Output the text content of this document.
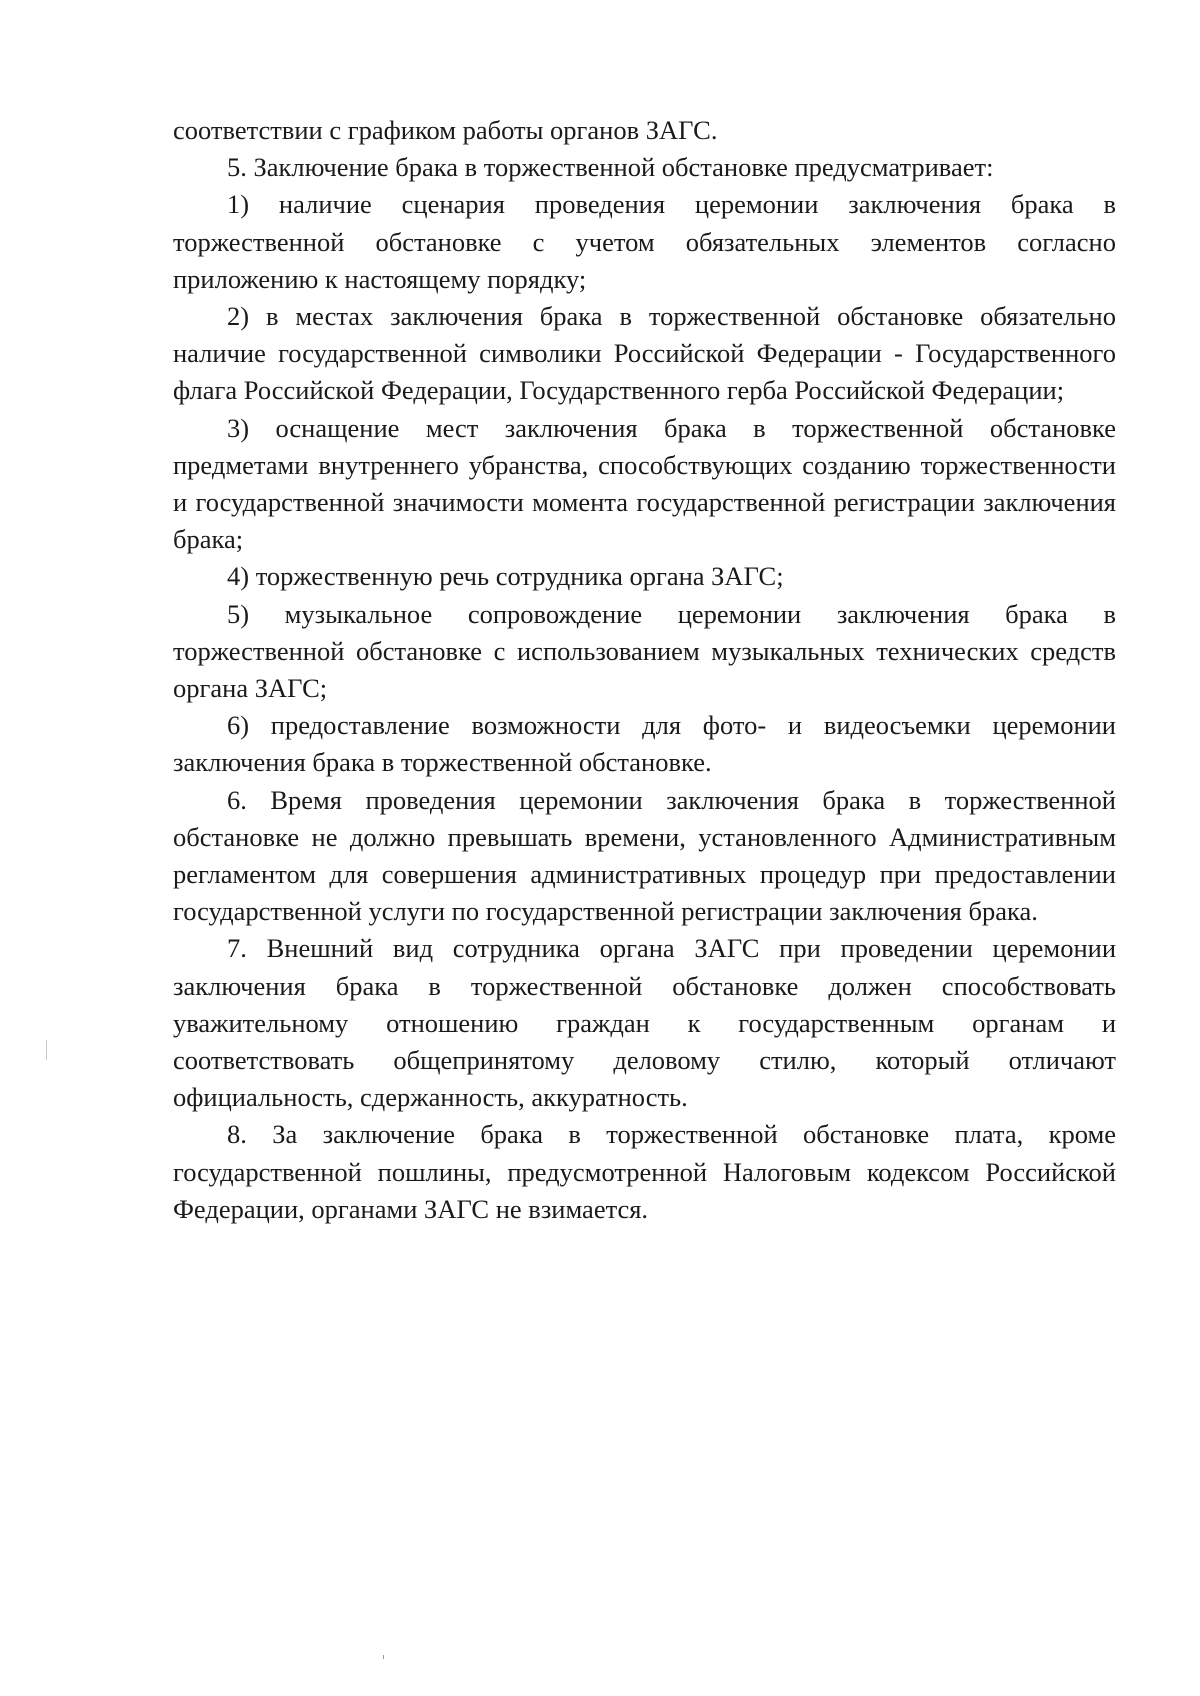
соответствии с графиком работы органов ЗАГС.

5. Заключение брака в торжественной обстановке предусматривает:

1) наличие сценария проведения церемонии заключения брака в торжественной обстановке с учетом обязательных элементов согласно приложению к настоящему порядку;

2) в местах заключения брака в торжественной обстановке обязательно наличие государственной символики Российской Федерации - Государственного флага Российской Федерации, Государственного герба Российской Федерации;

3) оснащение мест заключения брака в торжественной обстановке предметами внутреннего убранства, способствующих созданию торжественности и государственной значимости момента государственной регистрации заключения брака;

4) торжественную речь сотрудника органа ЗАГС;

5) музыкальное сопровождение церемонии заключения брака в торжественной обстановке с использованием музыкальных технических средств органа ЗАГС;

6) предоставление возможности для фото- и видеосъемки церемонии заключения брака в торжественной обстановке.

6. Время проведения церемонии заключения брака в торжественной обстановке не должно превышать времени, установленного Административным регламентом для совершения административных процедур при предоставлении государственной услуги по государственной регистрации заключения брака.

7. Внешний вид сотрудника органа ЗАГС при проведении церемонии заключения брака в торжественной обстановке должен способствовать уважительному отношению граждан к государственным органам и соответствовать общепринятому деловому стилю, который отличают официальность, сдержанность, аккуратность.

8. За заключение брака в торжественной обстановке плата, кроме государственной пошлины, предусмотренной Налоговым кодексом Российской Федерации, органами ЗАГС не взимается.
